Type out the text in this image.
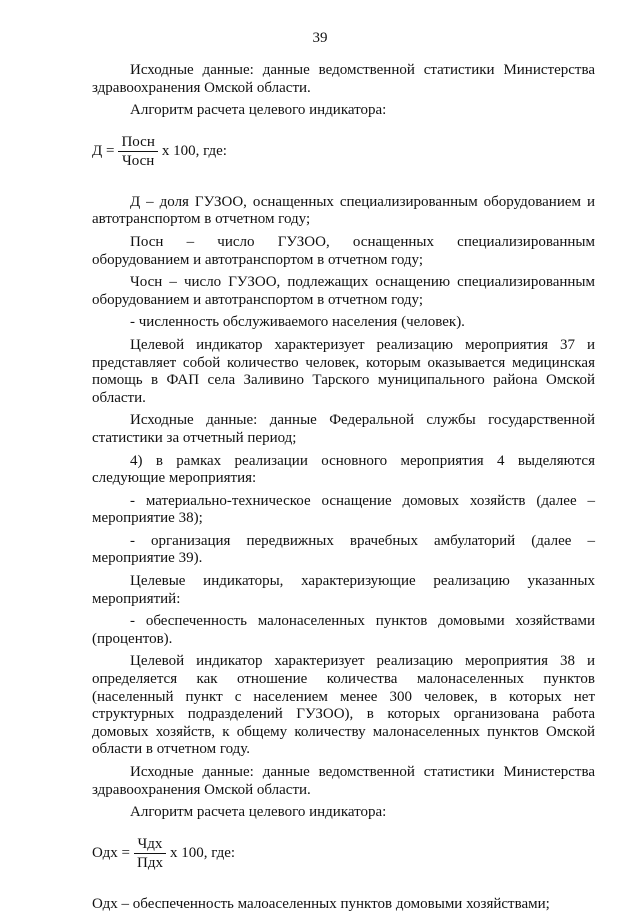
39

Исходные данные: данные ведомственной статистики Министерства здравоохранения Омской области.

Алгоритм расчета целевого индикатора:

$Д = \frac{\text{Посн}}{\text{Чосн}}$ х 100, где:

Д – доля ГУЗОО, оснащенных специализированным оборудованием и автотранспортом в отчетном году;

Посн – число ГУЗОО, оснащенных специализированным оборудованием и автотранспортом в отчетном году;

Чосн – число ГУЗОО, подлежащих оснащению специализированным оборудованием и автотранспортом в отчетном году;

- численность обслуживаемого населения (человек).

Целевой индикатор характеризует реализацию мероприятия 37 и представляет собой количество человек, которым оказывается медицинская помощь в ФАП села Заливино Тарского муниципального района Омской области.

Исходные данные: данные Федеральной службы государственной статистики за отчетный период;

4) в рамках реализации основного мероприятия 4 выделяются следующие мероприятия:

- материально-техническое оснащение домовых хозяйств (далее – мероприятие 38);

- организация передвижных врачебных амбулаторий (далее – мероприятие 39).

Целевые индикаторы, характеризующие реализацию указанных мероприятий:

- обеспеченность малонаселенных пунктов домовыми хозяйствами (процентов).

Целевой индикатор характеризует реализацию мероприятия 38 и определяется как отношение количества малонаселенных пунктов (населенный пункт с населением менее 300 человек, в которых нет структурных подразделений ГУЗОО), в которых организована работа домовых хозяйств, к общему количеству малонаселенных пунктов Омской области в отчетном году.

Исходные данные: данные ведомственной статистики Министерства здравоохранения Омской области.

Алгоритм расчета целевого индикатора:

Одх = $\frac{\text{Чдх}}{\text{Пдх}}$ х 100, где:

Одх – обеспеченность малоаселенных пунктов домовыми хозяйствами;
